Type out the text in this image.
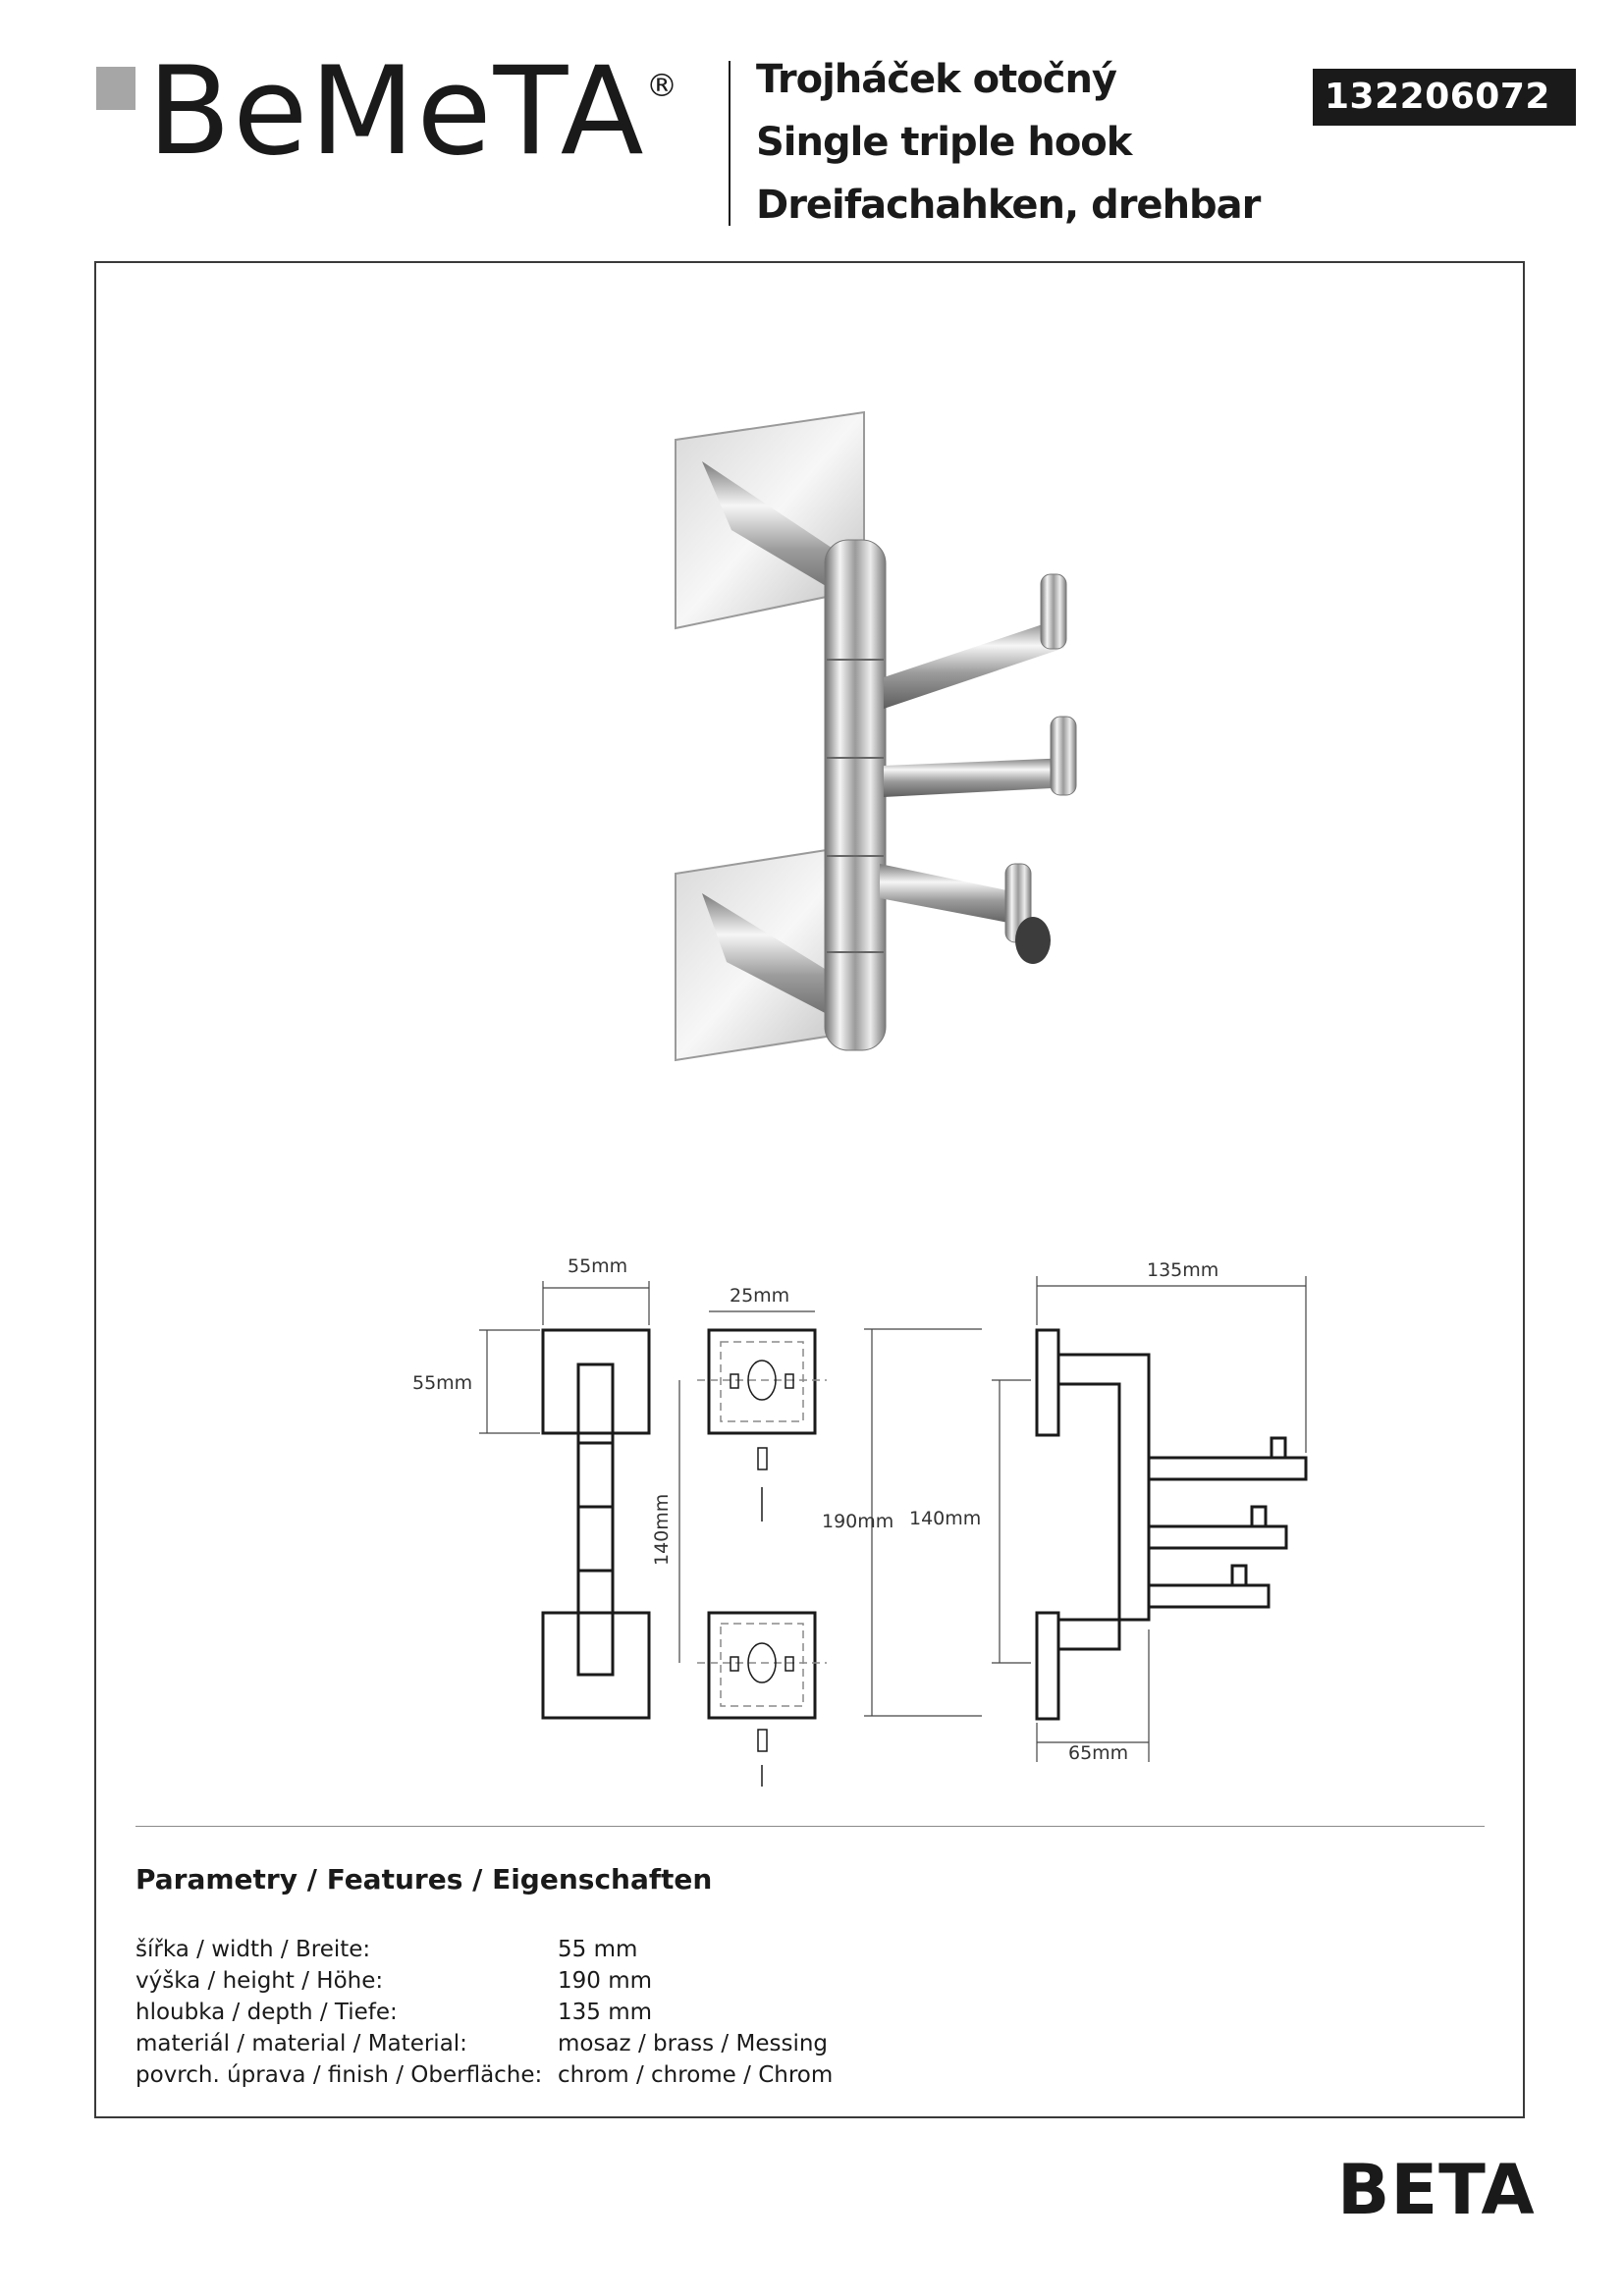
BeMeTA ® Trojháček otočný
Single triple hook
Dreifachahken, drehbar
132206072
55mm
55mm
25mm
140mm	190mm 140mm
135mm
65mm
Parametry / Features / Eigenschaften
šířka / width / Breite:	55 mm
výška / height / Höhe:	190 mm
hloubka / depth / Tiefe:	135 mm
materiál / material / Material:	mosaz / brass / Messing
povrch. úprava / finish / Oberfläche: chrom / chrome / Chrom
BETA
